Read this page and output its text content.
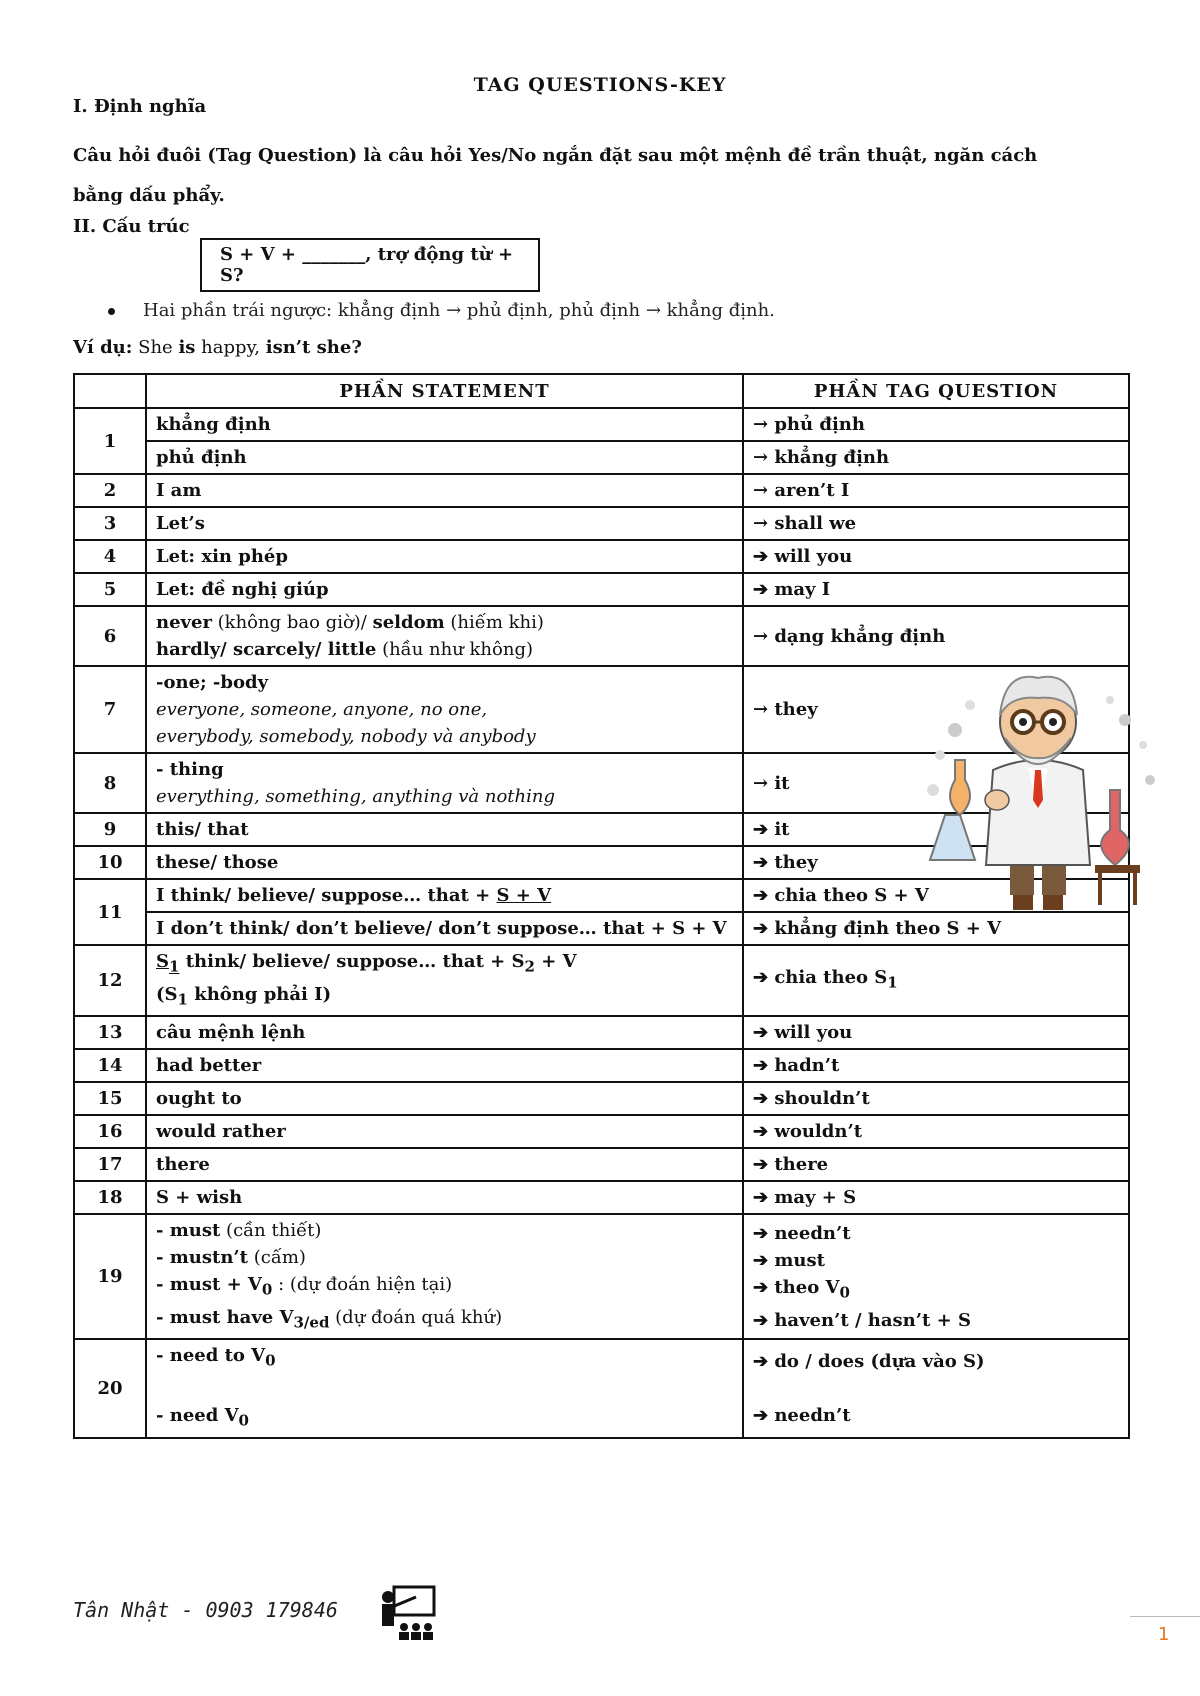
TAG QUESTIONS-KEY
I. Định nghĩa
Câu hỏi đuôi (Tag Question) là câu hỏi Yes/No ngắn đặt sau một mệnh đề trần thuật, ngăn cách bằng dấu phẩy.
II. Cấu trúc
S + V + _______, trợ động từ + S?
Hai phần trái ngược: khẳng định → phủ định, phủ định → khẳng định.
Ví dụ: She is happy, isn’t she?
	PHẦN STATEMENT	PHẦN TAG QUESTION
1	khẳng định	→ phủ định
	phủ định	→ khẳng định
2	I am	→ aren’t I
3	Let’s	→ shall we
4	Let: xin phép	➔ will you
5	Let: đề nghị giúp	➔ may I
6	never (không bao giờ)/ seldom (hiếm khi)
hardly/ scarcely/ little (hầu như không)	→ dạng khẳng định
7	-one; -body
everyone, someone, anyone, no one,
everybody, somebody, nobody và anybody	→ they
8	- thing
everything, something, anything và nothing	→ it
9	this/ that	➔ it
10	these/ those	➔ they
11	I think/ believe/ suppose… that + S + V	➔ chia theo S + V
	I don’t think/ don’t believe/ don’t suppose… that + S + V	➔ khẳng định theo S + V
12	$S_1$ think/ believe/ suppose… that + $S_2 + V$
($S_1$ không phải I)	➔ chia theo $S_1$
13	câu mệnh lệnh	➔ will you
14	had better	➔ hadn’t
15	ought to	➔ shouldn’t
16	would rather	➔ wouldn’t
17	there	➔ there
18	S + wish	➔ may + S
19	- must (cần thiết)
- mustn’t (cấm)
- must + $V_0$ : (dự đoán hiện tại)
- must have $V_{3/ed}$ (dự đoán quá khứ)	➔ needn’t
➔ must
➔ theo $V_0$
➔ haven’t / hasn’t + S

20	- need to $V_0$
- need $V_0$	➔ do / does (dựa vào S)
➔ needn’t
Tân Nhật - 0903 179846
1
